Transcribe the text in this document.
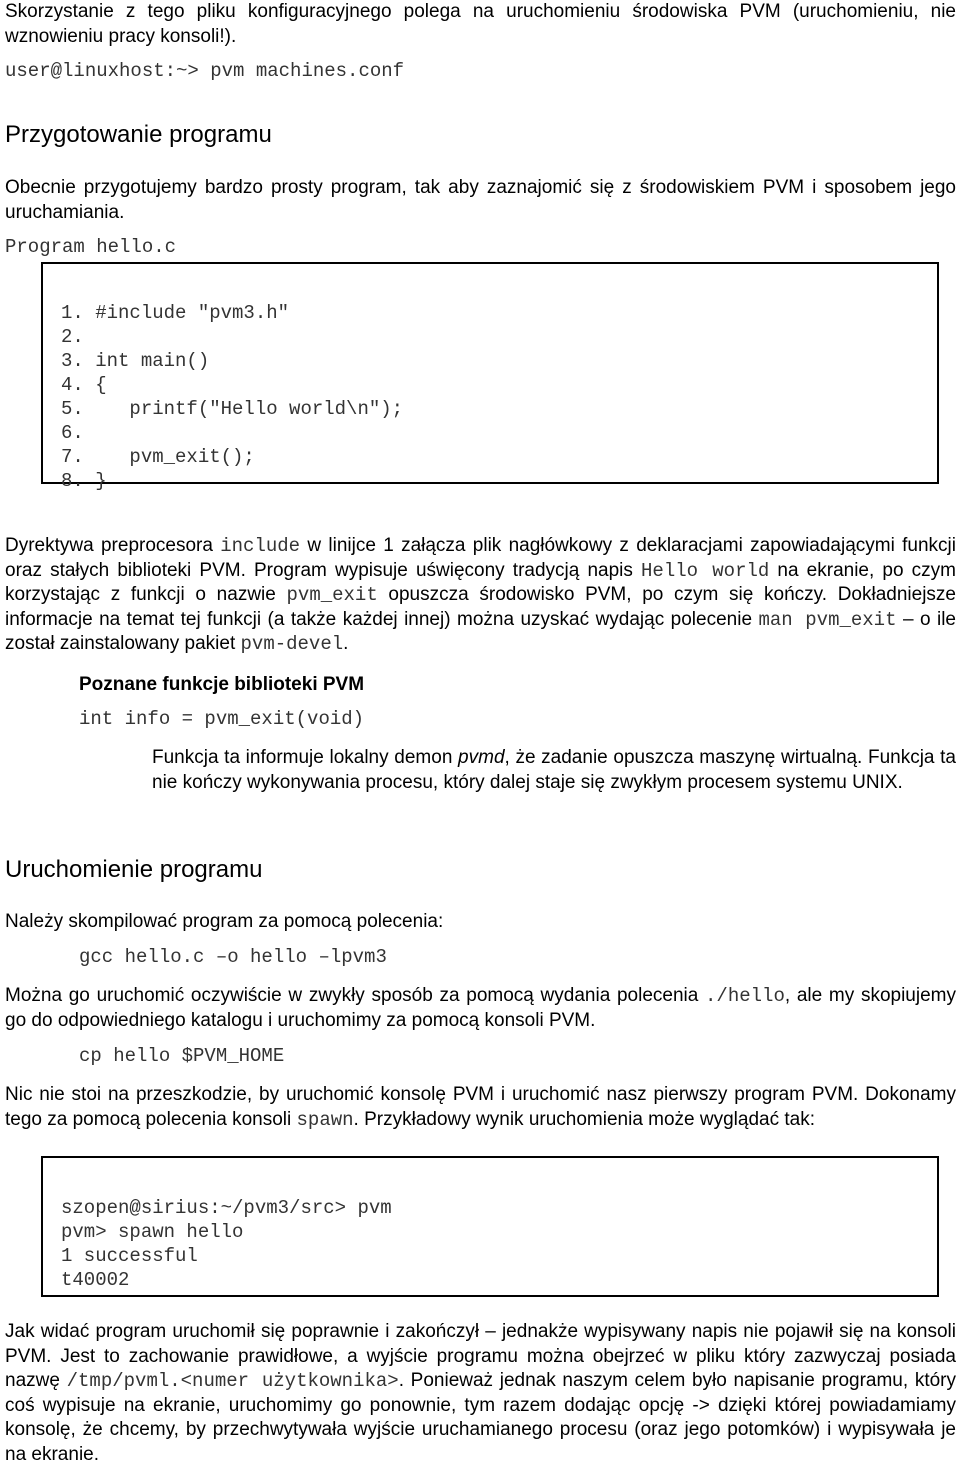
Skorzystanie z tego pliku konfiguracyjnego polega na uruchomieniu środowiska PVM (uruchomieniu, nie wznowieniu pracy konsoli!).

user@linuxhost:~> pvm machines.conf
Przygotowanie programu

Obecnie przygotujemy bardzo prosty program, tak aby zaznajomić się z środowiskiem PVM i sposobem jego uruchamiania.

Program hello.c

1. #include "pvm3.h"
2.
3. int main()
4. {
5.    printf("Hello world\n");
6.
7.    pvm_exit();
8. }

Dyrektywa preprocesora include w linijce 1 załącza plik nagłówkowy z deklaracjami zapowiadającymi funkcji oraz stałych biblioteki PVM. Program wypisuje uświęcony tradycją napis Hello world na ekranie, po czym korzystając z funkcji o nazwie pvm_exit opuszcza środowisko PVM, po czym się kończy. Dokładniejsze informacje na temat tej funkcji (a także każdej innej) można uzyskać wydając polecenie man pvm_exit – o ile został zainstalowany pakiet pvm-devel.

Poznane funkcje biblioteki PVM
int info = pvm_exit(void)

Funkcja ta informuje lokalny demon pvmd, że zadanie opuszcza maszynę wirtualną. Funkcja ta nie kończy wykonywania procesu, który dalej staje się zwykłym procesem systemu UNIX.

Uruchomienie programu

Należy skompilować program za pomocą polecenia:

gcc hello.c –o hello –lpvm3

Można go uruchomić oczywiście w zwykły sposób za pomocą wydania polecenia ./hello, ale my skopiujemy go do odpowiedniego katalogu i uruchomimy za pomocą konsoli PVM.

cp hello $PVM_HOME

Nic nie stoi na przeszkodzie, by uruchomić konsolę PVM i uruchomić nasz pierwszy program PVM. Dokonamy tego za pomocą polecenia konsoli spawn. Przykładowy wynik uruchomienia może wyglądać tak:

szopen@sirius:~/pvm3/src> pvm
pvm> spawn hello
1 successful
t40002

Jak widać program uruchomił się poprawnie i zakończył – jednakże wypisywany napis nie pojawił się na konsoli PVM. Jest to zachowanie prawidłowe, a wyjście programu można obejrzeć w pliku który zazwyczaj posiada nazwę /tmp/pvml.<numer użytkownika>. Ponieważ jednak naszym celem było napisanie programu, który coś wypisuje na ekranie, uruchomimy go ponownie, tym razem dodając opcję -> dzięki której powiadamiamy konsolę, że chcemy, by przechwytywała wyjście uruchamianego procesu (oraz jego potomków) i wypisywała je na ekranie.
